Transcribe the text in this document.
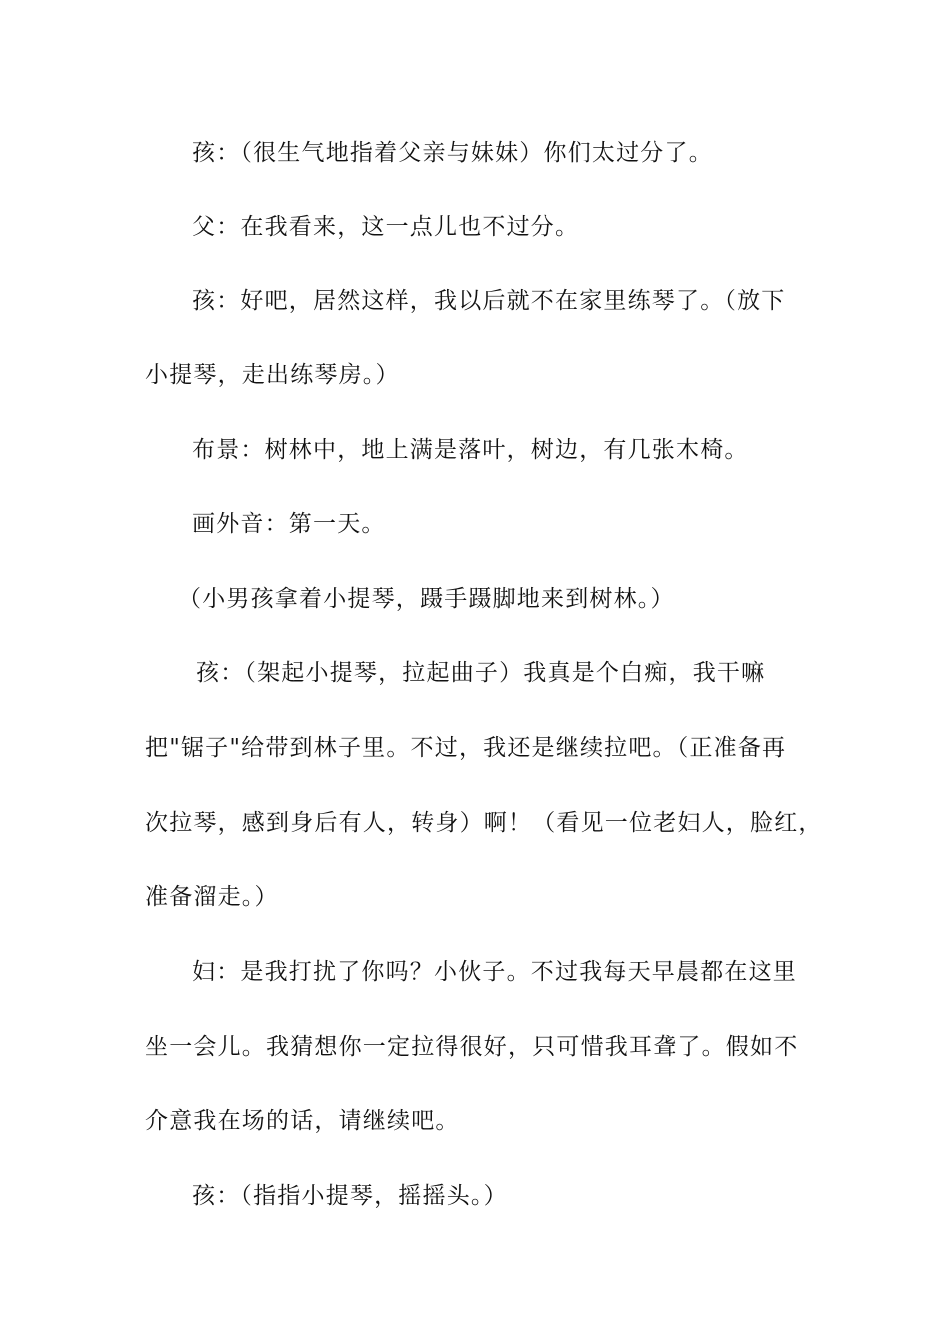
孩：（很生气地指着父亲与妹妹）你们太过分了。
父：在我看来，这一点儿也不过分。
孩：好吧，居然这样，我以后就不在家里练琴了。（放下
小提琴，走出练琴房。）
布景：树林中，地上满是落叶，树边，有几张木椅。
画外音：第一天。
（小男孩拿着小提琴，蹑手蹑脚地来到树林。）
孩：（架起小提琴，拉起曲子）我真是个白痴，我干嘛
把"锯子"给带到林子里。不过，我还是继续拉吧。（正准备再
次拉琴，感到身后有人，转身）啊！（看见一位老妇人，脸红，
准备溜走。）
妇：是我打扰了你吗？小伙子。不过我每天早晨都在这里
坐一会儿。我猜想你一定拉得很好，只可惜我耳聋了。假如不
介意我在场的话，请继续吧。
孩：（指指小提琴，摇摇头。）
